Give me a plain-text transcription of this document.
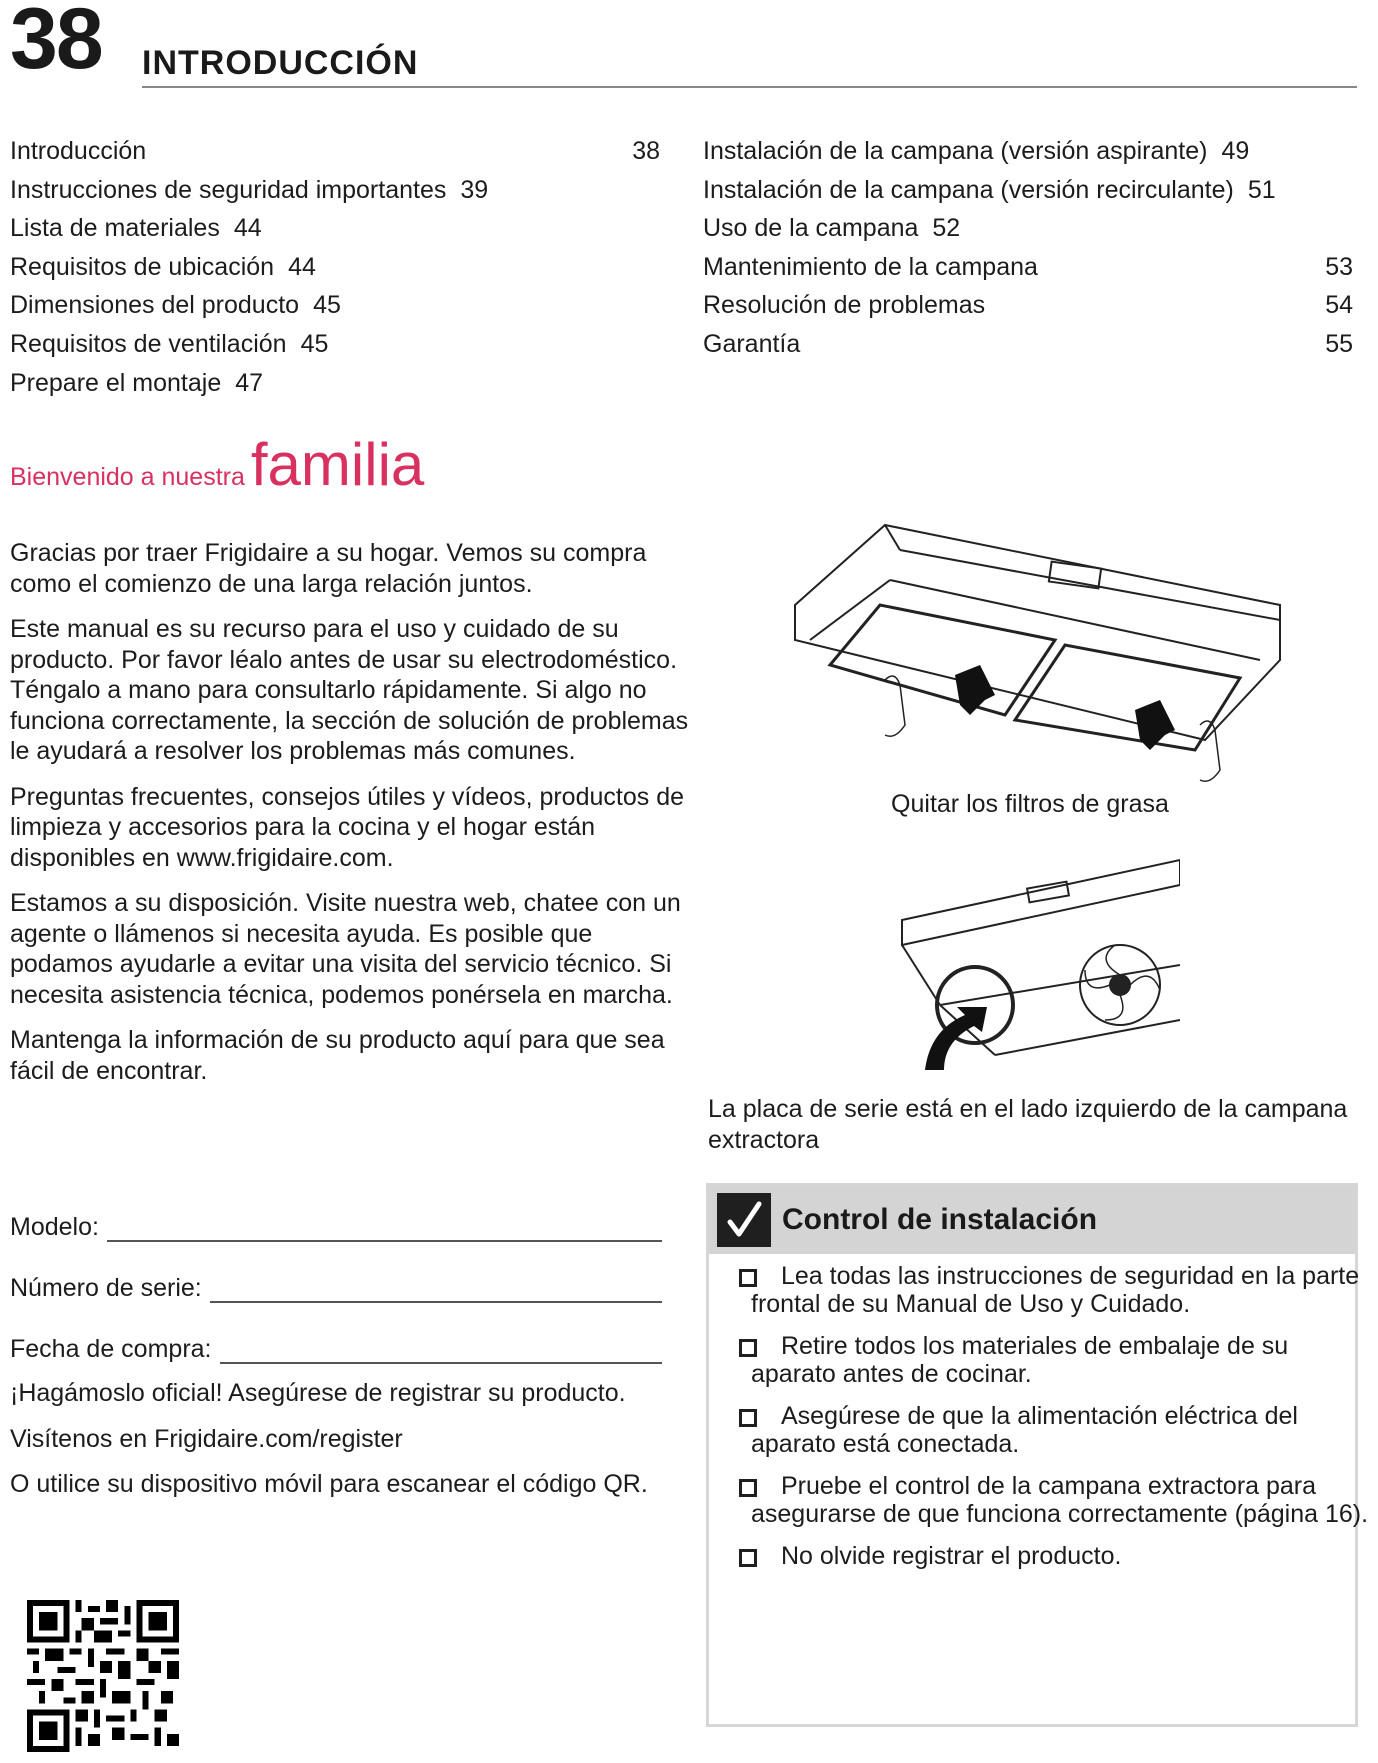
38 INTRODUCCIÓN
Introducción	38
Instrucciones de seguridad importantes 39
Lista de materiales 44
Requisitos de ubicación 44
Dimensiones del producto 45
Requisitos de ventilación 45
Prepare el montaje 47
Instalación de la campana (versión aspirante) 49
Instalación de la campana (versión recirculante) 51
Uso de la campana 52
Mantenimiento de la campana	53
Resolución de problemas	54
Garantía	55
Bienvenido a nuestra familia

Gracias por traer Frigidaire a su hogar. Vemos su compra como el comienzo de una larga relación juntos.

Este manual es su recurso para el uso y cuidado de su producto. Por favor léalo antes de usar su electrodoméstico. Téngalo a mano para consultarlo rápidamente. Si algo no funciona correctamente, la sección de solución de problemas le ayudará a resolver los problemas más comunes.

Preguntas frecuentes, consejos útiles y vídeos, productos de limpieza y accesorios para la cocina y el hogar están disponibles en www.frigidaire.com.

Estamos a su disposición. Visite nuestra web, chatee con un agente o llámenos si necesita ayuda. Es posible que podamos ayudarle a evitar una visita del servicio técnico. Si necesita asistencia técnica, podemos ponérsela en marcha.

Mantenga la información de su producto aquí para que sea fácil de encontrar.

Modelo:
Número de serie:
Fecha de compra:

¡Hagámoslo oficial! Asegúrese de registrar su producto.

Visítenos en Frigidaire.com/register

O utilice su dispositivo móvil para escanear el código QR.

Quitar los filtros de grasa
La placa de serie está en el lado izquierdo de la campana extractora
Control de instalación
Lea todas las instrucciones de seguridad en la parte frontal de su Manual de Uso y Cuidado.
Retire todos los materiales de embalaje de su aparato antes de cocinar.
Asegúrese de que la alimentación eléctrica del aparato está conectada.
Pruebe el control de la campana extractora para asegurarse de que funciona correctamente (página 16).
No olvide registrar el producto.
